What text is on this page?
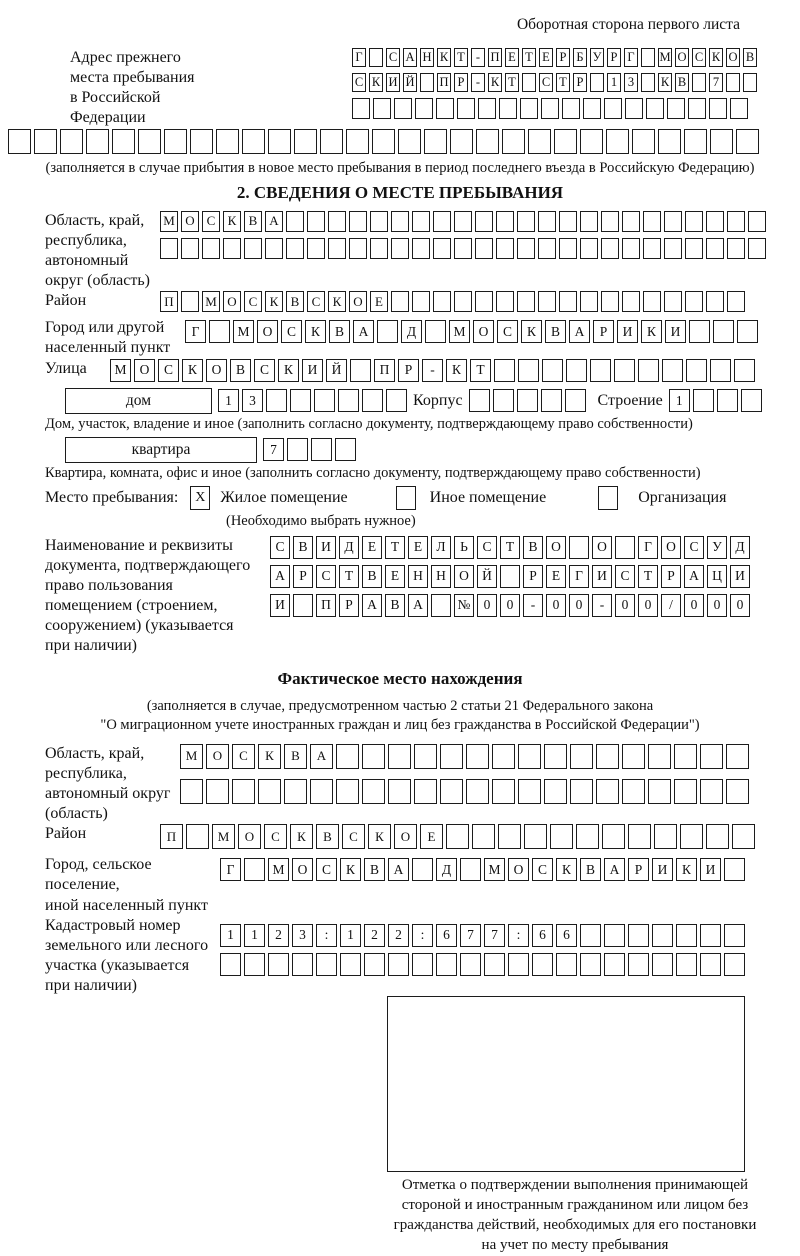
Оборотная сторона первого листа
Адрес прежнего
места пребывания
в Российской
Федерации
Г С А Н К Т - П Е Т Е Р Б У Р Г М О С К О В
С К И Й П Р - К Т С Т Р	1 3	К В	7
(заполняется в случае прибытия в новое место пребывания в период последнего въезда в Российскую Федерацию)
2. СВЕДЕНИЯ О МЕСТЕ ПРЕБЫВАНИЯ
Область, край,
республика,
автономный
округ (область)
М О С К В А
Район	П	М О С К В С К О Е
Город или другой
населенный пункт
Г	М О	С	К	В	А	Д	М О	С	К	В	А	Р	И	К	И
Улица	М О	С	К	О	В	С	К	И	Й	П	Р	-	К	Т
дом	1	3	Корпус	Строение 1
Дом, участок, владение и иное (заполнить согласно документу, подтверждающему право собственности)
квартира	7
Квартира, комната, офис и иное (заполнить согласно документу, подтверждающему право собственности)
Место пребывания:	X Жилое помещение	Иное помещение	Организация
(Необходимо выбрать нужное)
Наименование и реквизиты
документа, подтверждающего
право пользования
помещением (строением,
сооружением) (указывается
при наличии)
С	В	И	Д	Е	Т	Е	Л	Ь	С	Т	В	О	О	Г	О	С	У	Д
А	Р	С	Т	В	Е	Н Н О Й	Р	Е	Г	И	С	Т	Р	А Ц И
И	П	Р	А	В	А	№ 0	0	-	0	0	-	0	0	/	0	0	0
Фактическое место нахождения
(заполняется в случае, предусмотренном частью 2 статьи 21 Федерального закона
"О миграционном учете иностранных граждан и лиц без гражданства в Российской Федерации")
Область, край,
республика,
автономный округ
(область)
М	О	С	К	В	А
Район	П	М	О	С	К	В	С	К	О	Е
Город, сельское поселение,
иной населенный пункт
Г	М О	С	К	В	А	Д	М О	С	К	В	А	Р	И	К	И
Кадастровый номер
земельного или лесного
участка (указывается
при наличии)
1	1	2	3	:	1	2	2	:	6	7	7	:	6	6
Отметка о подтверждении выполнения принимающей
стороной и иностранным гражданином или лицом без
гражданства действий, необходимых для его постановки
на учет по месту пребывания
